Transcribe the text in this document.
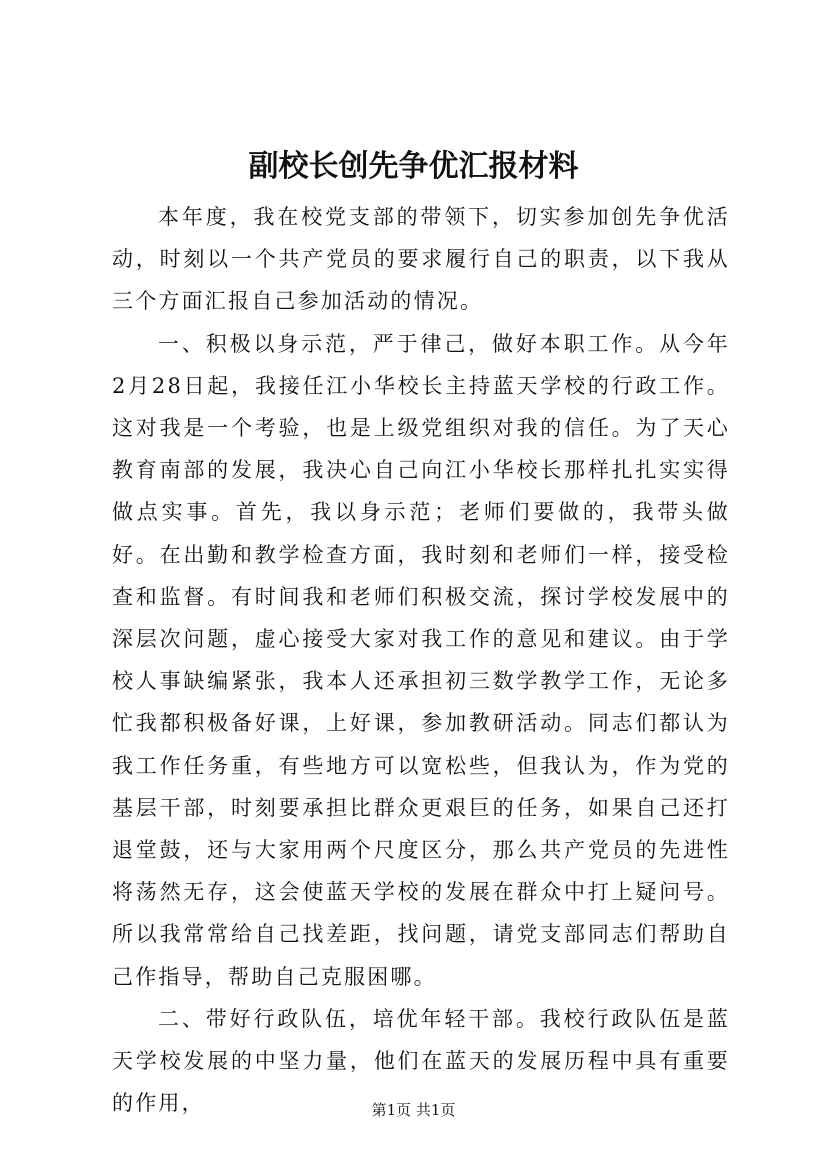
副校长创先争优汇报材料

本年度，我在校党支部的带领下，切实参加创先争优活动，时刻以一个共产党员的要求履行自己的职责，以下我从三个方面汇报自己参加活动的情况。

一、积极以身示范，严于律己，做好本职工作。从今年2月28日起，我接任江小华校长主持蓝天学校的行政工作。这对我是一个考验，也是上级党组织对我的信任。为了天心教育南部的发展，我决心自己向江小华校长那样扎扎实实得做点实事。首先，我以身示范；老师们要做的，我带头做好。在出勤和教学检查方面，我时刻和老师们一样，接受检查和监督。有时间我和老师们积极交流，探讨学校发展中的深层次问题，虚心接受大家对我工作的意见和建议。由于学校人事缺编紧张，我本人还承担初三数学教学工作，无论多忙我都积极备好课，上好课，参加教研活动。同志们都认为我工作任务重，有些地方可以宽松些，但我认为，作为党的基层干部，时刻要承担比群众更艰巨的任务，如果自己还打退堂鼓，还与大家用两个尺度区分，那么共产党员的先进性将荡然无存，这会使蓝天学校的发展在群众中打上疑问号。所以我常常给自己找差距，找问题，请党支部同志们帮助自己作指导，帮助自己克服困哪。

二、带好行政队伍，培优年轻干部。我校行政队伍是蓝天学校发展的中坚力量，他们在蓝天的发展历程中具有重要的作用，	第1页 共1页
